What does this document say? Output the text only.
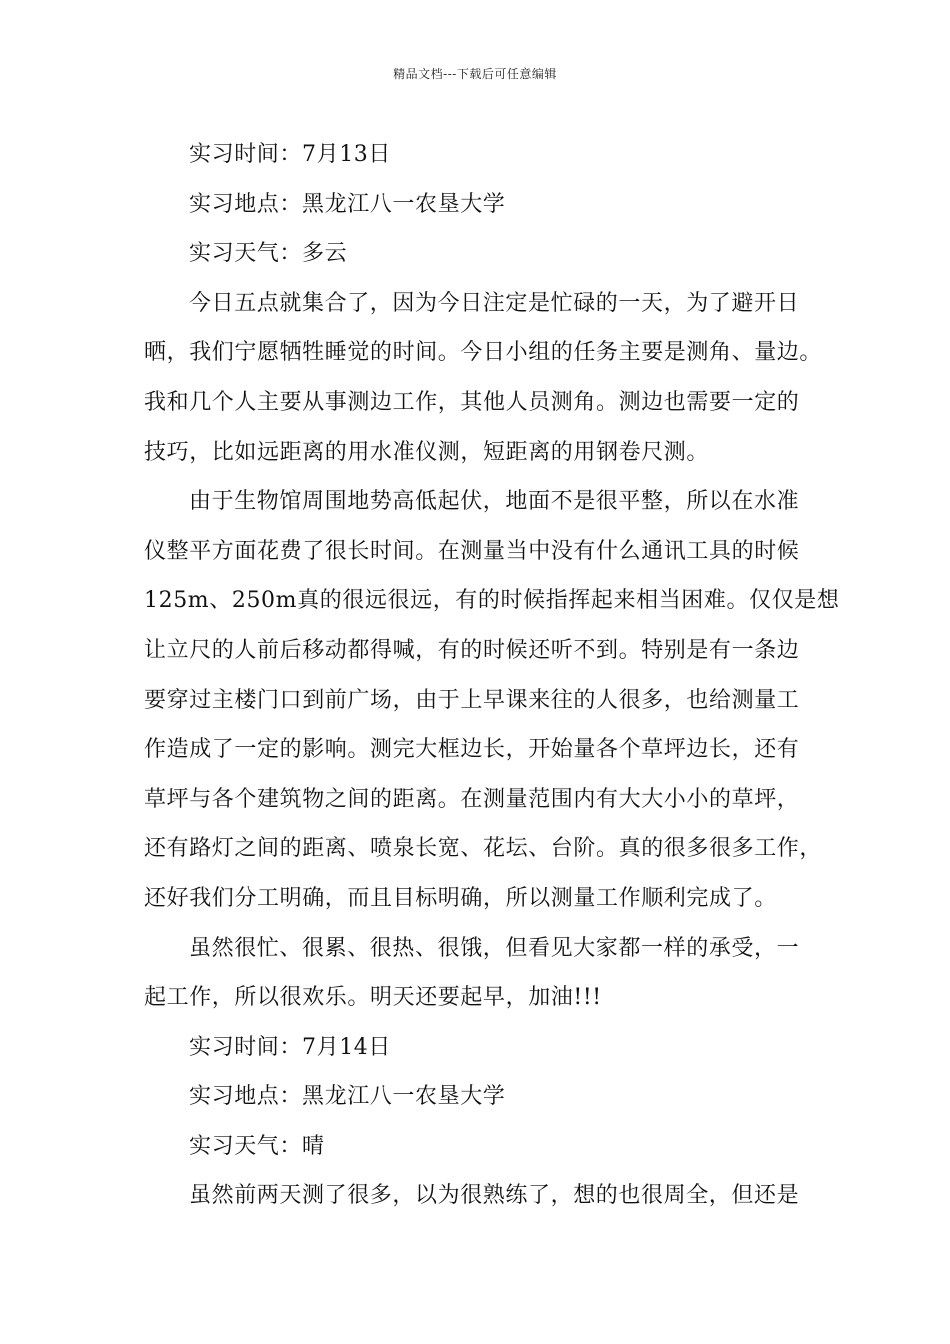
精品文档---下载后可任意编辑
实习时间：7月13日
实习地点：黑龙江八一农垦大学
实习天气：多云
今日五点就集合了，因为今日注定是忙碌的一天，为了避开日
晒，我们宁愿牺牲睡觉的时间。今日小组的任务主要是测角、量边。
我和几个人主要从事测边工作，其他人员测角。测边也需要一定的
技巧，比如远距离的用水准仪测，短距离的用钢卷尺测。
由于生物馆周围地势高低起伏，地面不是很平整，所以在水准
仪整平方面花费了很长时间。在测量当中没有什么通讯工具的时候
125m、250m真的很远很远，有的时候指挥起来相当困难。仅仅是想
让立尺的人前后移动都得喊，有的时候还听不到。特别是有一条边
要穿过主楼门口到前广场，由于上早课来往的人很多，也给测量工
作造成了一定的影响。测完大框边长，开始量各个草坪边长，还有
草坪与各个建筑物之间的距离。在测量范围内有大大小小的草坪，
还有路灯之间的距离、喷泉长宽、花坛、台阶。真的很多很多工作，
还好我们分工明确，而且目标明确，所以测量工作顺利完成了。
虽然很忙、很累、很热、很饿，但看见大家都一样的承受，一
起工作，所以很欢乐。明天还要起早，加油!!!
实习时间：7月14日
实习地点：黑龙江八一农垦大学
实习天气：晴
虽然前两天测了很多，以为很熟练了，想的也很周全，但还是
